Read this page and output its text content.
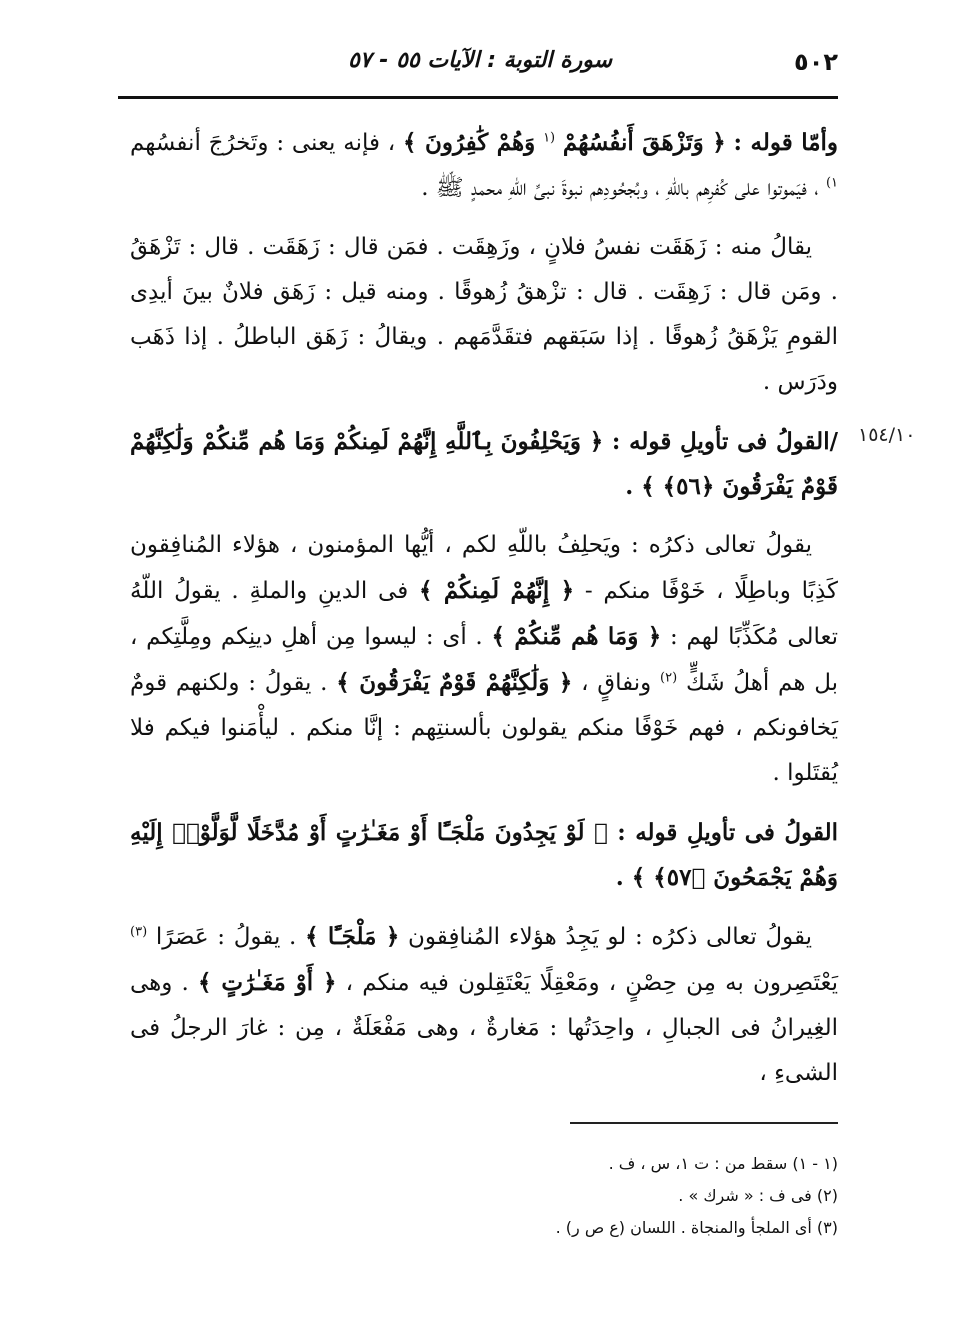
٥٠٢
سورة التوبة : الآيات ٥٥ - ٥٧
١٥٤/١٠

وأمّا قوله : ﴿ وَتَزْهَقَ أَنفُسُهُمْ $^{(١}$ وَهُمْ كَٰفِرُونَ ﴾ ، فإنه يعنى : وتَخرُجَ أنفسُهم $^{١)}$ ، فيَموتوا على كُفرِهم باللّهِ ، وبُجحُودِهم نبوةَ نبىِّ اللّهِ محمدٍ ﷺ .

يقالُ منه : زَهَقَت نفسُ فلانٍ ، وزَهِقَت . فمَن قال : زَهَقَت . قال : تَزْهَقُ . ومَن قال : زَهِقَت . قال : تزْهقُ زُهوقًا . ومنه قيل : زَهَق فلانٌ بينَ أيدِى القومِ يَزْهَقُ زُهوقًا . إذا سَبَقهم فتقَدَّمَهم . ويقالُ : زَهَق الباطلُ . إذا ذَهَب ودَرَس .

/القولُ فى تأويلِ قوله : ﴿ وَيَحْلِفُونَ بِٱللَّهِ إِنَّهُمْ لَمِنكُمْ وَمَا هُم مِّنكُمْ وَلَٰكِنَّهُمْ قَوْمٌ يَفْرَقُونَ ﴿٥٦﴾ ﴾ .

يقولُ تعالى ذكرُه : ويَحلِفُ باللّهِ لكم ، أيُّها المؤمنون ، هؤلاء المُنافِقون كَذِبًا وباطِلًا ، خَوْفًا منكم - ﴿ إِنَّهُمْ لَمِنكُمْ ﴾ فى الدينِ والملةِ . يقولُ اللّهُ تعالى مُكَذِّبًا لهم : ﴿ وَمَا هُم مِّنكُمْ ﴾ . أى : ليسوا مِن أهلِ دينِكم ومِلَّتِكم ، بل هم أهلُ شَكٍّ $^{(٢)}$ ونفاقٍ ، ﴿ وَلَٰكِنَّهُمْ قَوْمٌ يَفْرَقُونَ ﴾ . يقولُ : ولكنهم قومٌ يَخافونكم ، فهم خَوْفًا منكم يقولون بألسنتِهم : إنَّا منكم . ليأْمَنوا فيكم فلا يُقتَلوا .

القولُ فى تأويلِ قوله : ﴿ لَوْ يَجِدُونَ مَلْجَـًٔا أَوْ مَغَـٰرَٰتٍ أَوْ مُدَّخَلًا لَّوَلَّوْا۟ إِلَيْهِ وَهُمْ يَجْمَحُونَ ﴿٥٧﴾ ﴾ .

يقولُ تعالى ذكرُه : لو يَجِدُ هؤلاء المُنافِقون ﴿ مَلْجَـًٔا ﴾ . يقولُ : عَصَرًا $^{(٣)}$ يَعْتَصِرون به مِن حِصْنٍ ، ومَعْقِلًا يَعْتَقِلون فيه منكم ، ﴿ أَوْ مَغَـٰرَٰتٍ ﴾ . وهى الغِيرانُ فى الجبالِ ، واحِدَتُها : مَغارةٌ ، وهى مَفْعَلَةٌ ، مِن : غارَ الرجلُ فى الشىءِ ،

(١ - ١) سقط من : ت ١، س ، ف .

(٢) فى ف : « شرك » .

(٣) أى الملجأ والمنجاة . اللسان (ع ص ر) .
